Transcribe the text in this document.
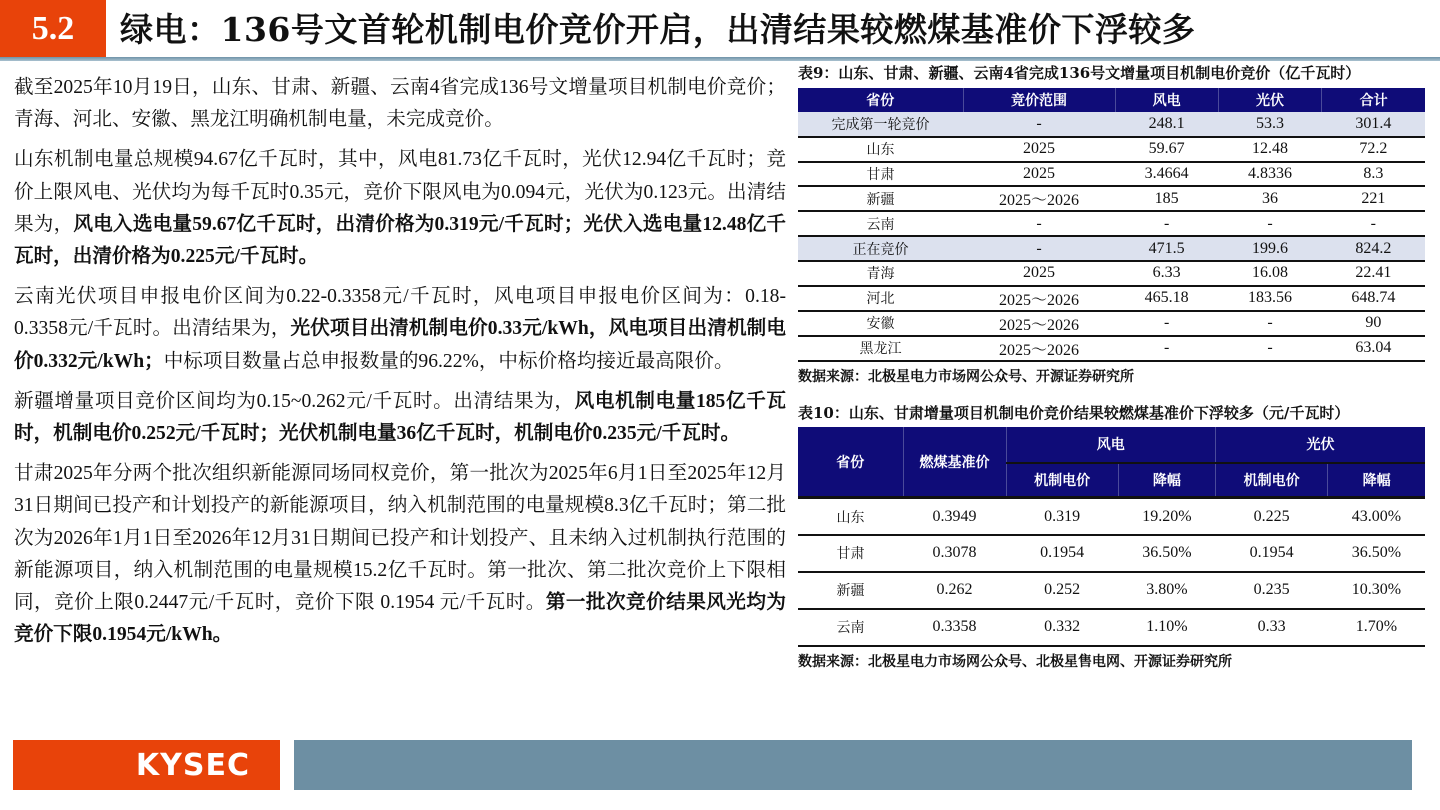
5.2	绿电：136号文首轮机制电价竞价开启，出清结果较燃煤基准价下浮较多
截至2025年10月19日，山东、甘肃、新疆、云南4省完成136号文增量项目机制电价竞价；青海、河北、安徽、黑龙江明确机制电量，未完成竞价。
山东机制电量总规模94.67亿千瓦时，其中，风电81.73亿千瓦时，光伏12.94亿千瓦时；竞价上限风电、光伏均为每千瓦时0.35元，竞价下限风电为0.094元，光伏为0.123元。出清结果为，风电入选电量59.67亿千瓦时，出清价格为0.319元/千瓦时；光伏入选电量12.48亿千瓦时，出清价格为0.225元/千瓦时。
云南光伏项目申报电价区间为0.22-0.3358元/千瓦时，风电项目申报电价区间为：0.18-0.3358元/千瓦时。出清结果为，光伏项目出清机制电价0.33元/kWh，风电项目出清机制电价0.332元/kWh；中标项目数量占总申报数量的96.22%，中标价格均接近最高限价。
新疆增量项目竞价区间均为0.15~0.262元/千瓦时。出清结果为，风电机制电量185亿千瓦时，机制电价0.252元/千瓦时；光伏机制电量36亿千瓦时，机制电价0.235元/千瓦时。
甘肃2025年分两个批次组织新能源同场同权竞价，第一批次为2025年6月1日至2025年12月31日期间已投产和计划投产的新能源项目，纳入机制范围的电量规模8.3亿千瓦时；第二批次为2026年1月1日至2026年12月31日期间已投产和计划投产、且未纳入过机制执行范围的新能源项目，纳入机制范围的电量规模15.2亿千瓦时。第一批次、第二批次竞价上下限相同，竞价上限0.2447元/千瓦时，竞价下限 0.1954 元/千瓦时。第一批次竞价结果风光均为竞价下限0.1954元/kWh。
表9：山东、甘肃、新疆、云南4省完成136号文增量项目机制电价竞价（亿千瓦时）
省份	竞价范围	风电	光伏	合计
完成第一轮竞价	-	248.1	53.3	301.4
山东	2025	59.67	12.48	72.2
甘肃	2025	3.4664	4.8336	8.3
新疆	2025～2026	185	36	221
云南	-	-	-	-
正在竞价	-	471.5	199.6	824.2
青海	2025	6.33	16.08	22.41
河北	2025～2026	465.18	183.56	648.74
安徽	2025～2026	-	-	90
黑龙江	2025～2026	-	-	63.04
数据来源：北极星电力市场网公众号、开源证券研究所
表10：山东、甘肃增量项目机制电价竞价结果较燃煤基准价下浮较多（元/千瓦时）
省份	燃煤基准价	风电		光伏	
		机制电价	降幅	机制电价	降幅
山东	0.3949	0.319	19.20%	0.225	43.00%
甘肃	0.3078	0.1954	36.50%	0.1954	36.50%
新疆	0.262	0.252	3.80%	0.235	10.30%
云南	0.3358	0.332	1.10%	0.33	1.70%
数据来源：北极星电力市场网公众号、北极星售电网、开源证券研究所
KYSEC
